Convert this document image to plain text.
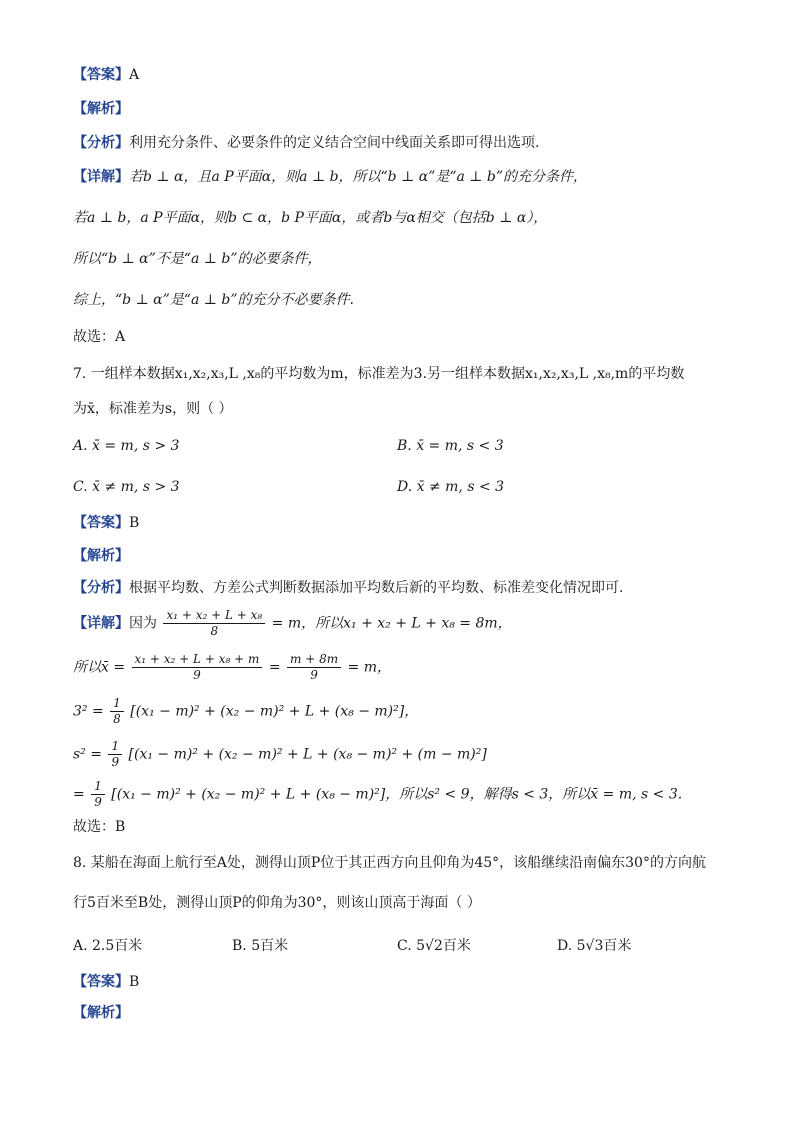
【答案】A
【解析】
【分析】利用充分条件、必要条件的定义结合空间中线面关系即可得出选项.
【详解】若b ⊥ α，且a P平面α，则a ⊥ b，所以“b ⊥ α”是“a ⊥ b”的充分条件，
若a ⊥ b，a P平面α，则b ⊂ α，b P平面α，或者b与α相交（包括b ⊥ α），
所以“b ⊥ α”不是“a ⊥ b”的必要条件，
综上，“b ⊥ α”是“a ⊥ b”的充分不必要条件.
故选：A
7. 一组样本数据x₁,x₂,x₃,L ,x₈的平均数为m，标准差为3.另一组样本数据x₁,x₂,x₃,L ,x₈,m的平均数
为x̄，标准差为s，则（ ）
A. x̄ = m, s > 3	B. x̄ = m, s < 3
C. x̄ ≠ m, s > 3	D. x̄ ≠ m, s < 3
【答案】B
【解析】
【分析】根据平均数、方差公式判断数据添加平均数后新的平均数、标准差变化情况即可.
【详解】因为 $\frac{\text{x₁ + x₂ + L + x₈}}{8} = m$，所以x₁ + x₂ + L + x₈ = 8m，
所以x̄ = $\frac{\text{x₁ + x₂ + L + x₈ + m}}{9} = \frac{m + 8m}{9} = m$，
$3^2 = \frac{1}{8} [(x_1 - m)^2 + (x_2 - m)^2 + L + (x_8 - m)^2]$，
$s^2 = \frac{1}{9} [(x_1 - m)^2 + (x_2 - m)^2 + L + (x_8 - m)^2 + (m - m)^2]$
= $\frac{1}{9} [(x_1 - m)^2 + (x_2 - m)^2 + L + (x_8 - m)^2]$，所以s² < 9，解得s < 3，所以x̄ = m, s < 3.
故选：B
8. 某船在海面上航行至A处，测得山顶P位于其正西方向且仰角为45°，该船继续沿南偏东30°的方向航
行5百米至B处，测得山顶P的仰角为30°，则该山顶高于海面（ ）
A. 2.5百米	B. 5百米	C. 5√2百米	D. 5√3百米
【答案】B
【解析】
